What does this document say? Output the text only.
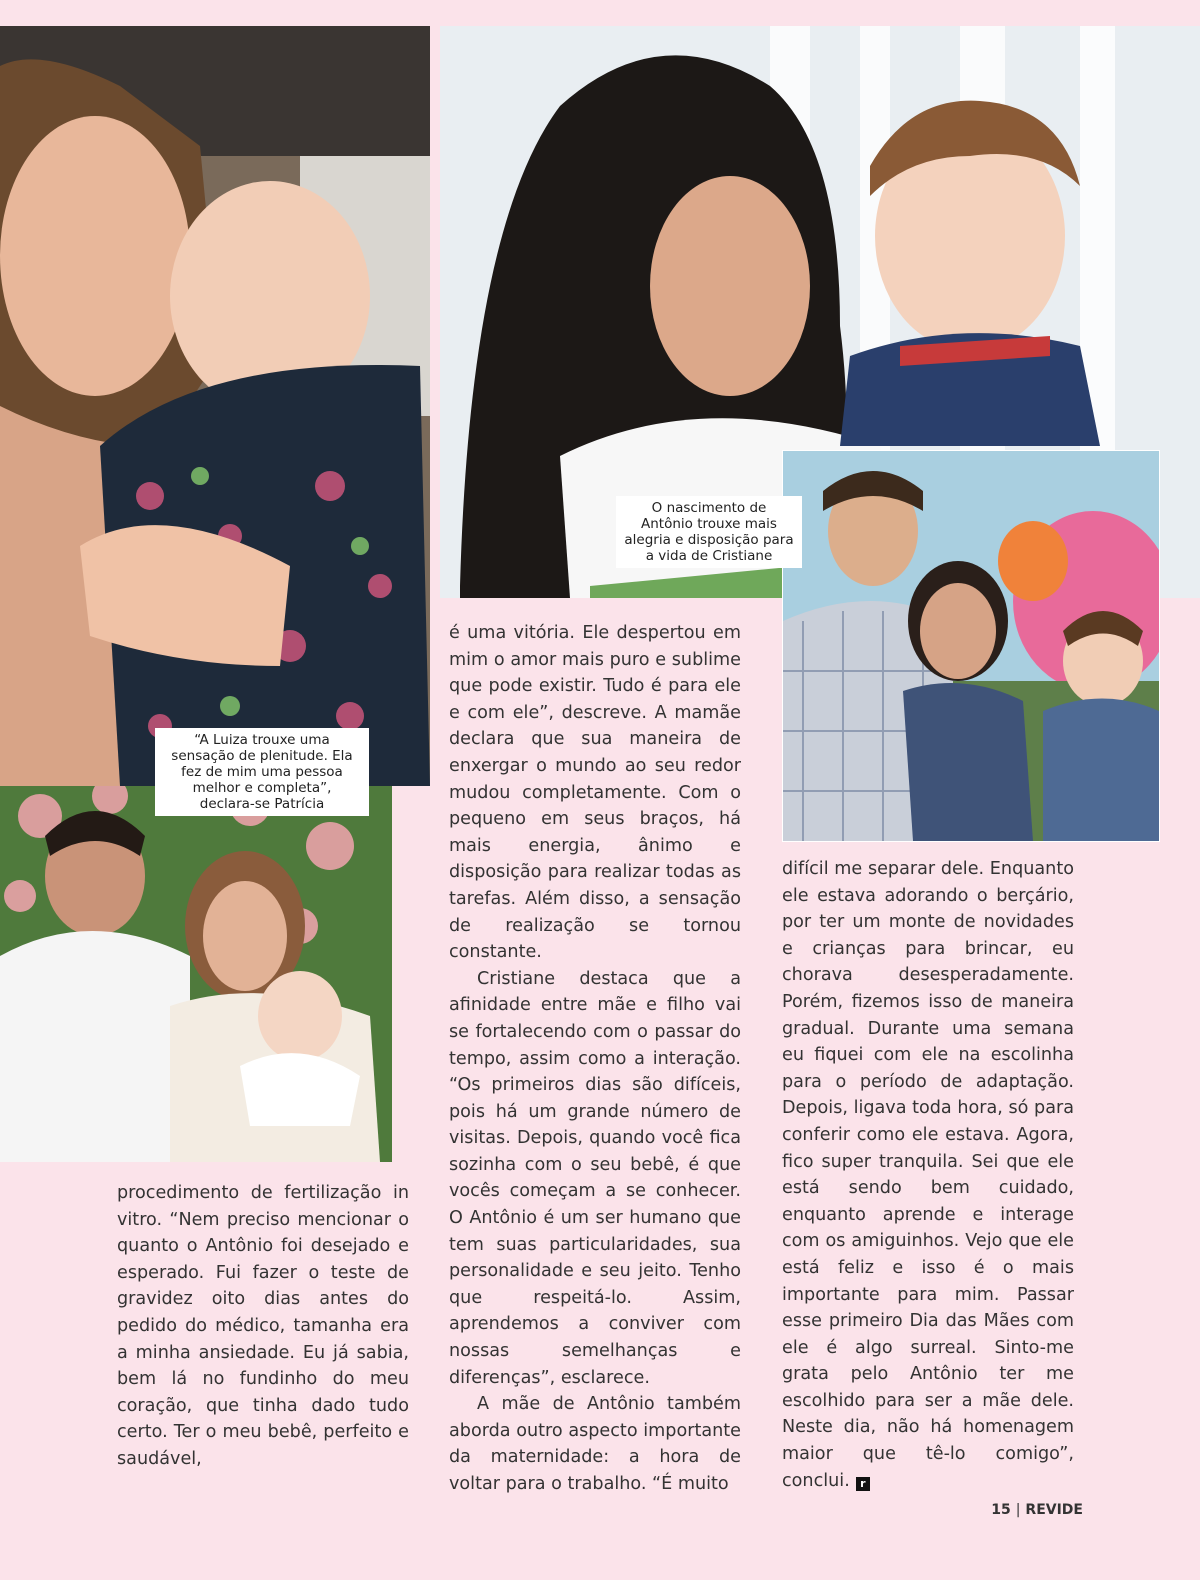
“A Luiza trouxe uma sensação de plenitude. Ela fez de mim uma pessoa melhor e completa”, declara-se Patrícia
O nascimento de Antônio trouxe mais alegria e disposição para a vida de Cristiane

procedimento de fertilização in vitro. “Nem preciso mencionar o quanto o Antônio foi desejado e esperado. Fui fazer o teste de gravidez oito dias antes do pedido do médico, tamanha era a minha ansiedade. Eu já sabia, bem lá no fundinho do meu coração, que tinha dado tudo certo. Ter o meu bebê, perfeito e saudável,

é uma vitória. Ele despertou em mim o amor mais puro e sublime que pode existir. Tudo é para ele e com ele”, descreve. A mamãe declara que sua maneira de enxergar o mundo ao seu redor mudou completamente. Com o pequeno em seus braços, há mais energia, ânimo e disposição para realizar todas as tarefas. Além disso, a sensação de realização se tornou constante.

Cristiane destaca que a afinidade entre mãe e filho vai se fortalecendo com o passar do tempo, assim como a interação. “Os primeiros dias são difíceis, pois há um grande número de visitas. Depois, quando você fica sozinha com o seu bebê, é que vocês começam a se conhecer. O Antônio é um ser humano que tem suas particularidades, sua personalidade e seu jeito. Tenho que respeitá-lo. Assim, aprendemos a conviver com nossas semelhanças e diferenças”, esclarece.

A mãe de Antônio também aborda outro aspecto importante da maternidade: a hora de voltar para o trabalho. “É muito

difícil me separar dele. Enquanto ele estava adorando o berçário, por ter um monte de novidades e crianças para brincar, eu chorava desesperadamente. Porém, fizemos isso de maneira gradual. Durante uma semana eu fiquei com ele na escolinha para o período de adaptação. Depois, ligava toda hora, só para conferir como ele estava. Agora, fico super tranquila. Sei que ele está sendo bem cuidado, enquanto aprende e interage com os amiguinhos. Vejo que ele está feliz e isso é o mais importante para mim. Passar esse primeiro Dia das Mães com ele é algo surreal. Sinto-me grata pelo Antônio ter me escolhido para ser a mãe dele. Neste dia, não há homenagem maior que tê-lo comigo”, conclui. r

15 | REVIDE
